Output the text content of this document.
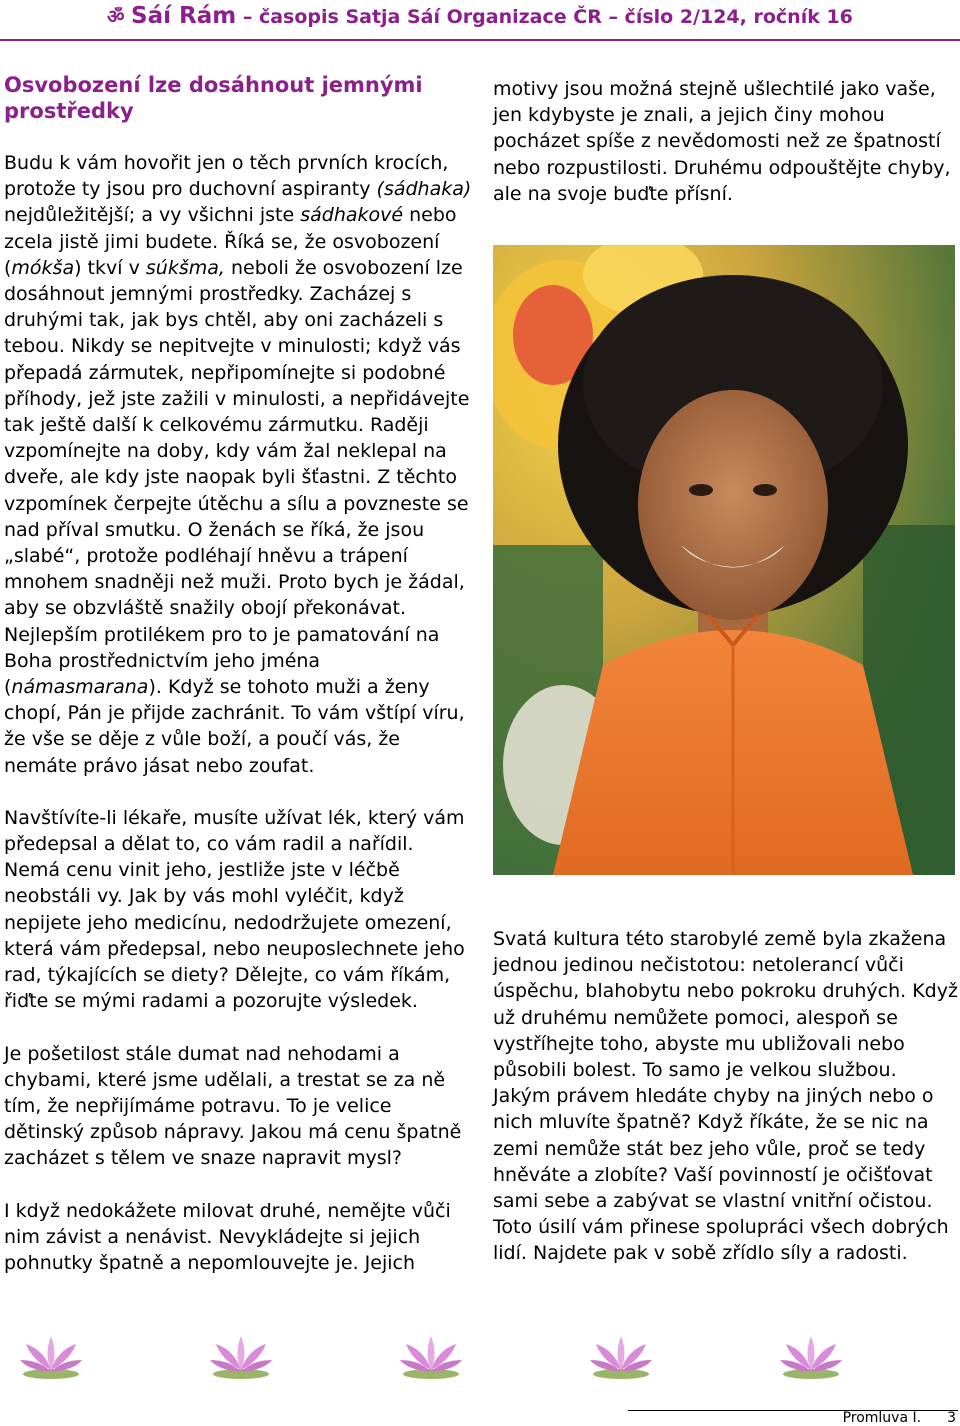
ॐ Sáí Rám – časopis Satja Sáí Organizace ČR – číslo 2/124, ročník 16
Osvobození lze dosáhnout jemnými prostředky

Budu k vám hovořit jen o těch prvních krocích, protože ty jsou pro duchovní aspiranty (sádhaka) nejdůležitější; a vy všichni jste sádhakové nebo zcela jistě jimi budete. Říká se, že osvobození (mókša) tkví v súkšma, neboli že osvobození lze dosáhnout jemnými prostředky. Zacházej s druhými tak, jak bys chtěl, aby oni zacházeli s tebou. Nikdy se nepitvejte v minulosti; když vás přepadá zármutek, nepřipomínejte si podobné příhody, jež jste zažili v minulosti, a nepřidávejte tak ještě další k celkovému zármutku. Raději vzpomínejte na doby, kdy vám žal neklepal na dveře, ale kdy jste naopak byli šťastni. Z těchto vzpomínek čerpejte útěchu a sílu a povzneste se nad příval smutku. O ženách se říká, že jsou „slabé“, protože podléhají hněvu a trápení mnohem snadněji než muži. Proto bych je žádal, aby se obzvláště snažily obojí překonávat. Nejlepším protilékem pro to je pamatování na Boha prostřednictvím jeho jména (námasmarana). Když se tohoto muži a ženy chopí, Pán je přijde zachránit. To vám vštípí víru, že vše se děje z vůle boží, a poučí vás, že nemáte právo jásat nebo zoufat.

Navštívíte-li lékaře, musíte užívat lék, který vám předepsal a dělat to, co vám radil a nařídil. Nemá cenu vinit jeho, jestliže jste v léčbě neobstáli vy. Jak by vás mohl vyléčit, když nepijete jeho medicínu, nedodržujete omezení, která vám předepsal, nebo neuposlechnete jeho rad, týkajících se diety? Dělejte, co vám říkám, řiďte se mými radami a pozorujte výsledek.

Je pošetilost stále dumat nad nehodami a chybami, které jsme udělali, a trestat se za ně tím, že nepřijímáme potravu. To je velice dětinský způsob nápravy. Jakou má cenu špatně zacházet s tělem ve snaze napravit mysl?

I když nedokážete milovat druhé, nemějte vůči nim závist a nenávist. Nevykládejte si jejich pohnutky špatně a nepomlouvejte je. Jejich

motivy jsou možná stejně ušlechtilé jako vaše, jen kdybyste je znali, a jejich činy mohou pocházet spíše z nevědomosti než ze špatností nebo rozpustilosti. Druhému odpouštějte chyby, ale na svoje buďte přísní.

Svatá kultura této starobylé země byla zkažena jednou jedinou nečistotou: netolerancí vůči úspěchu, blahobytu nebo pokroku druhých. Když už druhému nemůžete pomoci, alespoň se vystříhejte toho, abyste mu ubližovali nebo působili bolest. To samo je velkou službou. Jakým právem hledáte chyby na jiných nebo o nich mluvíte špatně? Když říkáte, že se nic na zemi nemůže stát bez jeho vůle, proč se tedy hněváte a zlobíte? Vaší povinností je očišťovat sami sebe a zabývat se vlastní vnitřní očistou. Toto úsilí vám přinese spolupráci všech dobrých lidí. Najdete pak v sobě zřídlo síly a radosti.

Promluva I. 3
